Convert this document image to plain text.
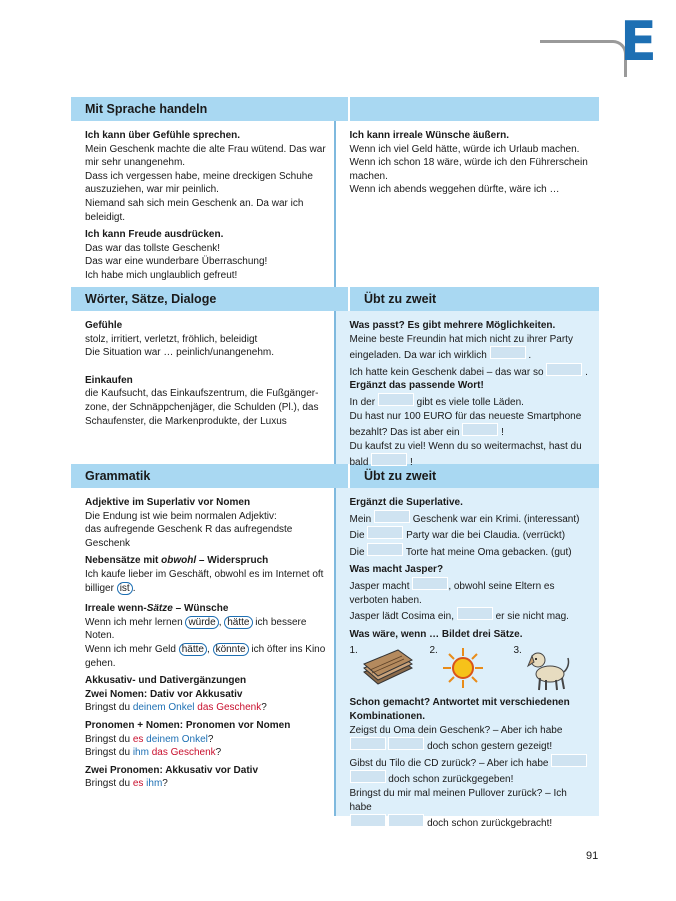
E
Mit Sprache handeln
Ich kann über Gefühle sprechen.
Mein Geschenk machte die alte Frau wütend. Das war
mir sehr unangenehm.
Dass ich vergessen habe, meine dreckigen Schuhe
auszuziehen, war mir peinlich.
Niemand sah sich mein Geschenk an. Da war ich
beleidigt.
Ich kann Freude ausdrücken.
Das war das tollste Geschenk!
Das war eine wunderbare Überraschung!
Ich habe mich unglaublich gefreut!
Ich kann irreale Wünsche äußern.
Wenn ich viel Geld hätte, würde ich Urlaub machen.
Wenn ich schon 18 wäre, würde ich den Führerschein
machen.
Wenn ich abends weggehen dürfte, wäre ich …
Wörter, Sätze, Dialoge	Übt zu zweit
Gefühle
stolz, irritiert, verletzt, fröhlich, beleidigt
Die Situation war … peinlich/unangenehm.
Einkaufen
die Kaufsucht, das Einkaufszentrum, die Fußgänger-
zone, der Schnäppchenjäger, die Schulden (Pl.), das
Schaufenster, die Markenprodukte, der Luxus
Was passt? Es gibt mehrere Möglichkeiten.
Meine beste Freundin hat mich nicht zu ihrer Party
eingeladen. Da war ich wirklich	.
Ich hatte kein Geschenk dabei – das war so	.
Ergänzt das passende Wort!
In der	gibt es viele tolle Läden.
Du hast nur 100 EURO für das neueste Smartphone
bezahlt? Das ist aber ein	!
Du kaufst zu viel! Wenn du so weitermachst, hast du
bald	!
Grammatik	Übt zu zweit
Adjektive im Superlativ vor Nomen
Die Endung ist wie beim normalen Adjektiv:
das aufregende Geschenk R das aufregendste
Geschenk
Nebensätze mit obwohl – Widerspruch
Ich kaufe lieber im Geschäft, obwohl es im Internet oft
billiger ist .
Irreale wenn-Sätze – Wünsche
Wenn ich mehr lernen würde , hätte ich bessere
Noten.
Wenn ich mehr Geld hätte , könnte ich öfter ins Kino
gehen.
Akkusativ- und Dativergänzungen
Zwei Nomen: Dativ vor Akkusativ
Bringst du deinem Onkel das Geschenk?
Pronomen + Nomen: Pronomen vor Nomen
Bringst du es deinem Onkel?
Bringst du ihm das Geschenk?
Zwei Pronomen: Akkusativ vor Dativ
Bringst du es ihm?
Ergänzt die Superlative.
Mein	Geschenk war ein Krimi. (interessant)
Die	Party war die bei Claudia. (verrückt)
Die	Torte hat meine Oma gebacken. (gut)
Was macht Jasper?
Jasper macht	, obwohl seine Eltern es
verboten haben.
Jasper lädt Cosima ein,	er sie nicht mag.
Was wäre, wenn … Bildet drei Sätze.
1.	2.	3.
Schon gemacht? Antwortet mit verschiedenen
Kombinationen.
Zeigst du Oma dein Geschenk? – Aber ich habe
doch schon gestern gezeigt!
Gibst du Tilo die CD zurück? – Aber ich habe
doch schon zurückgegeben!
Bringst du mir mal meinen Pullover zurück? – Ich habe
doch schon zurückgebracht!
91
